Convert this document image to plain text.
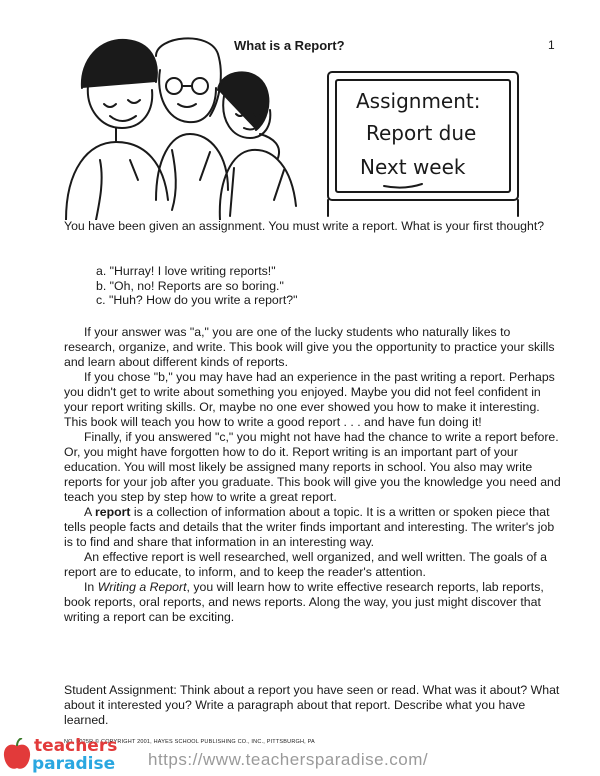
What is a Report?	1
Assignment:
Report due
Next week

You have been given an assignment. You must write a report. What is your first thought?

a. "Hurray! I love writing reports!"
b. "Oh, no! Reports are so boring."
c. "Huh? How do you write a report?"

If your answer was "a," you are one of the lucky students who naturally likes to research, organize, and write. This book will give you the opportunity to practice your skills and learn about different kinds of reports.

If you chose "b," you may have had an experience in the past writing a report. Perhaps you didn't get to write about something you enjoyed. Maybe you did not feel confident in your report writing skills. Or, maybe no one ever showed you how to make it interesting. This book will teach you how to write a good report . . . and have fun doing it!

Finally, if you answered "c," you might not have had the chance to write a report before. Or, you might have forgotten how to do it. Report writing is an important part of your education. You will most likely be assigned many reports in school. You also may write reports for your job after you graduate. This book will give you the knowledge you need and teach you step by step how to write a great report.

A report is a collection of information about a topic. It is a written or spoken piece that tells people facts and details that the writer finds important and interesting. The writer's job is to find and share that information in an interesting way.

An effective report is well researched, well organized, and well written. The goals of a report are to educate, to inform, and to keep the reader's attention.

In Writing a Report, you will learn how to write effective research reports, lab reports, book reports, oral reports, and news reports. Along the way, you just might discover that writing a report can be exciting.

Student Assignment: Think about a report you have seen or read. What was it about? What about it interested you? Write a paragraph about that report. Describe what you have learned.

NO. L025R © COPYRIGHT 2001, HAYES SCHOOL PUBLISHING CO., INC., PITTSBURGH, PA
teachers
paradise https://www.teachersparadise.com/
